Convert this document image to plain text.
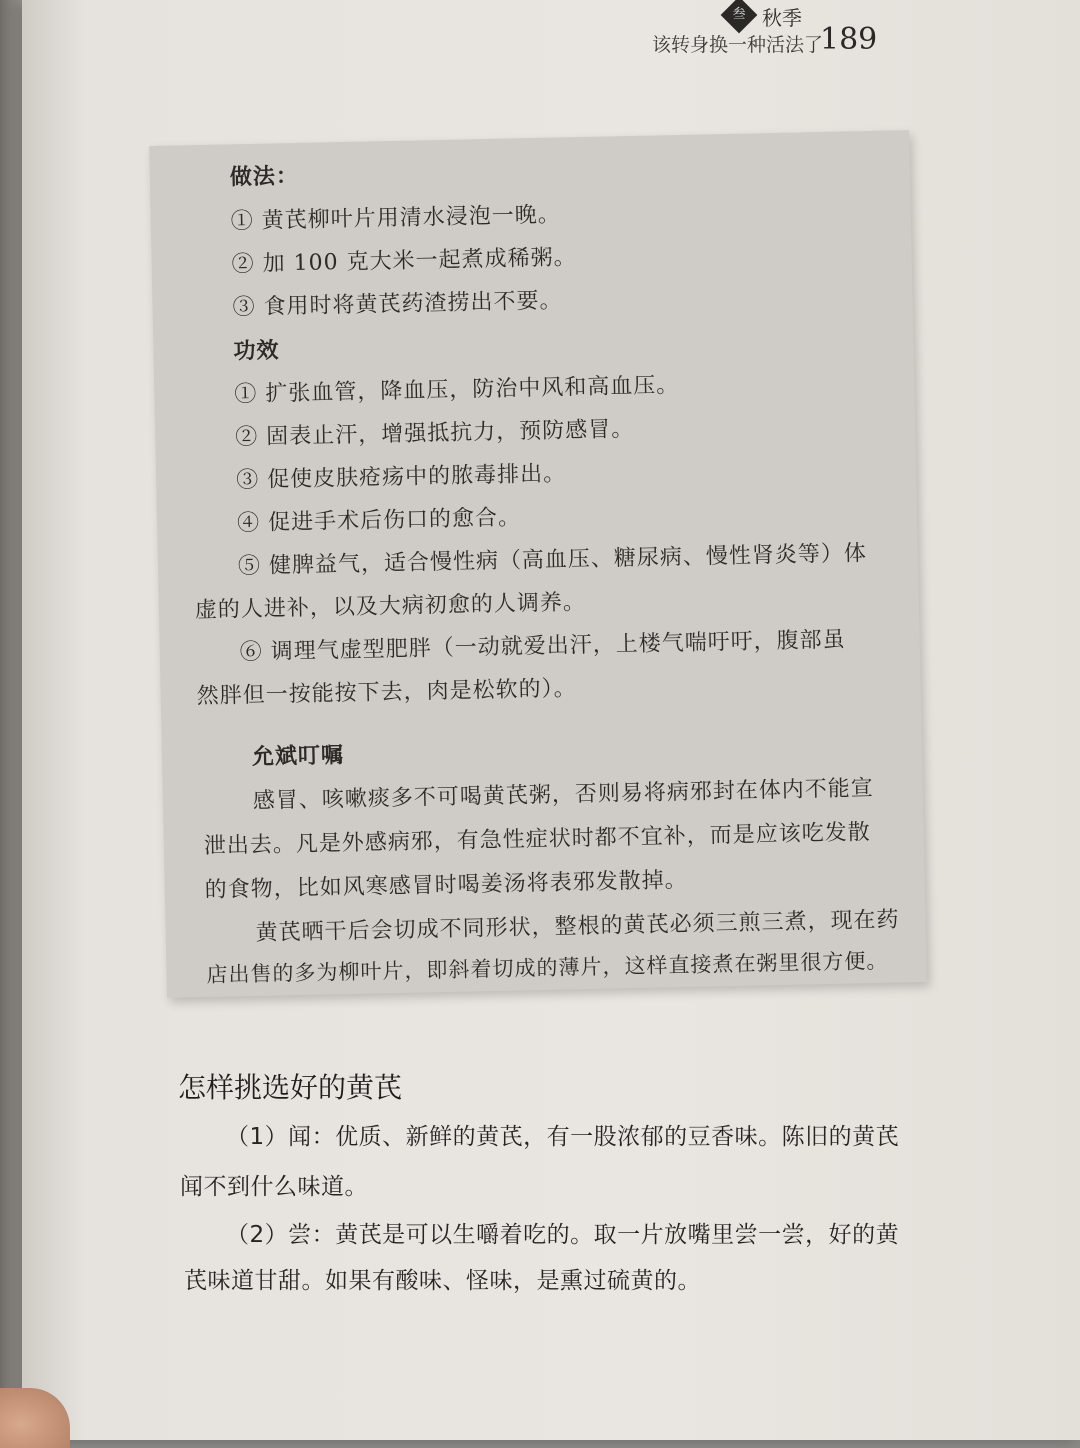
叁 秋季
该转身换一种活法了
189
做法：
① 黄芪柳叶片用清水浸泡一晚。
② 加 100 克大米一起煮成稀粥。
③ 食用时将黄芪药渣捞出不要。
功效
① 扩张血管，降血压，防治中风和高血压。
② 固表止汗，增强抵抗力，预防感冒。
③ 促使皮肤疮疡中的脓毒排出。
④ 促进手术后伤口的愈合。
⑤ 健脾益气，适合慢性病（高血压、糖尿病、慢性肾炎等）体
虚的人进补，以及大病初愈的人调养。
⑥ 调理气虚型肥胖（一动就爱出汗，上楼气喘吁吁，腹部虽
然胖但一按能按下去，肉是松软的）。
允斌叮嘱
感冒、咳嗽痰多不可喝黄芪粥，否则易将病邪封在体内不能宣
泄出去。凡是外感病邪，有急性症状时都不宜补，而是应该吃发散
的食物，比如风寒感冒时喝姜汤将表邪发散掉。
黄芪晒干后会切成不同形状，整根的黄芪必须三煎三煮，现在药
店出售的多为柳叶片，即斜着切成的薄片，这样直接煮在粥里很方便。
怎样挑选好的黄芪
（1）闻：优质、新鲜的黄芪，有一股浓郁的豆香味。陈旧的黄芪
闻不到什么味道。
（2）尝：黄芪是可以生嚼着吃的。取一片放嘴里尝一尝，好的黄
芪味道甘甜。如果有酸味、怪味，是熏过硫黄的。
